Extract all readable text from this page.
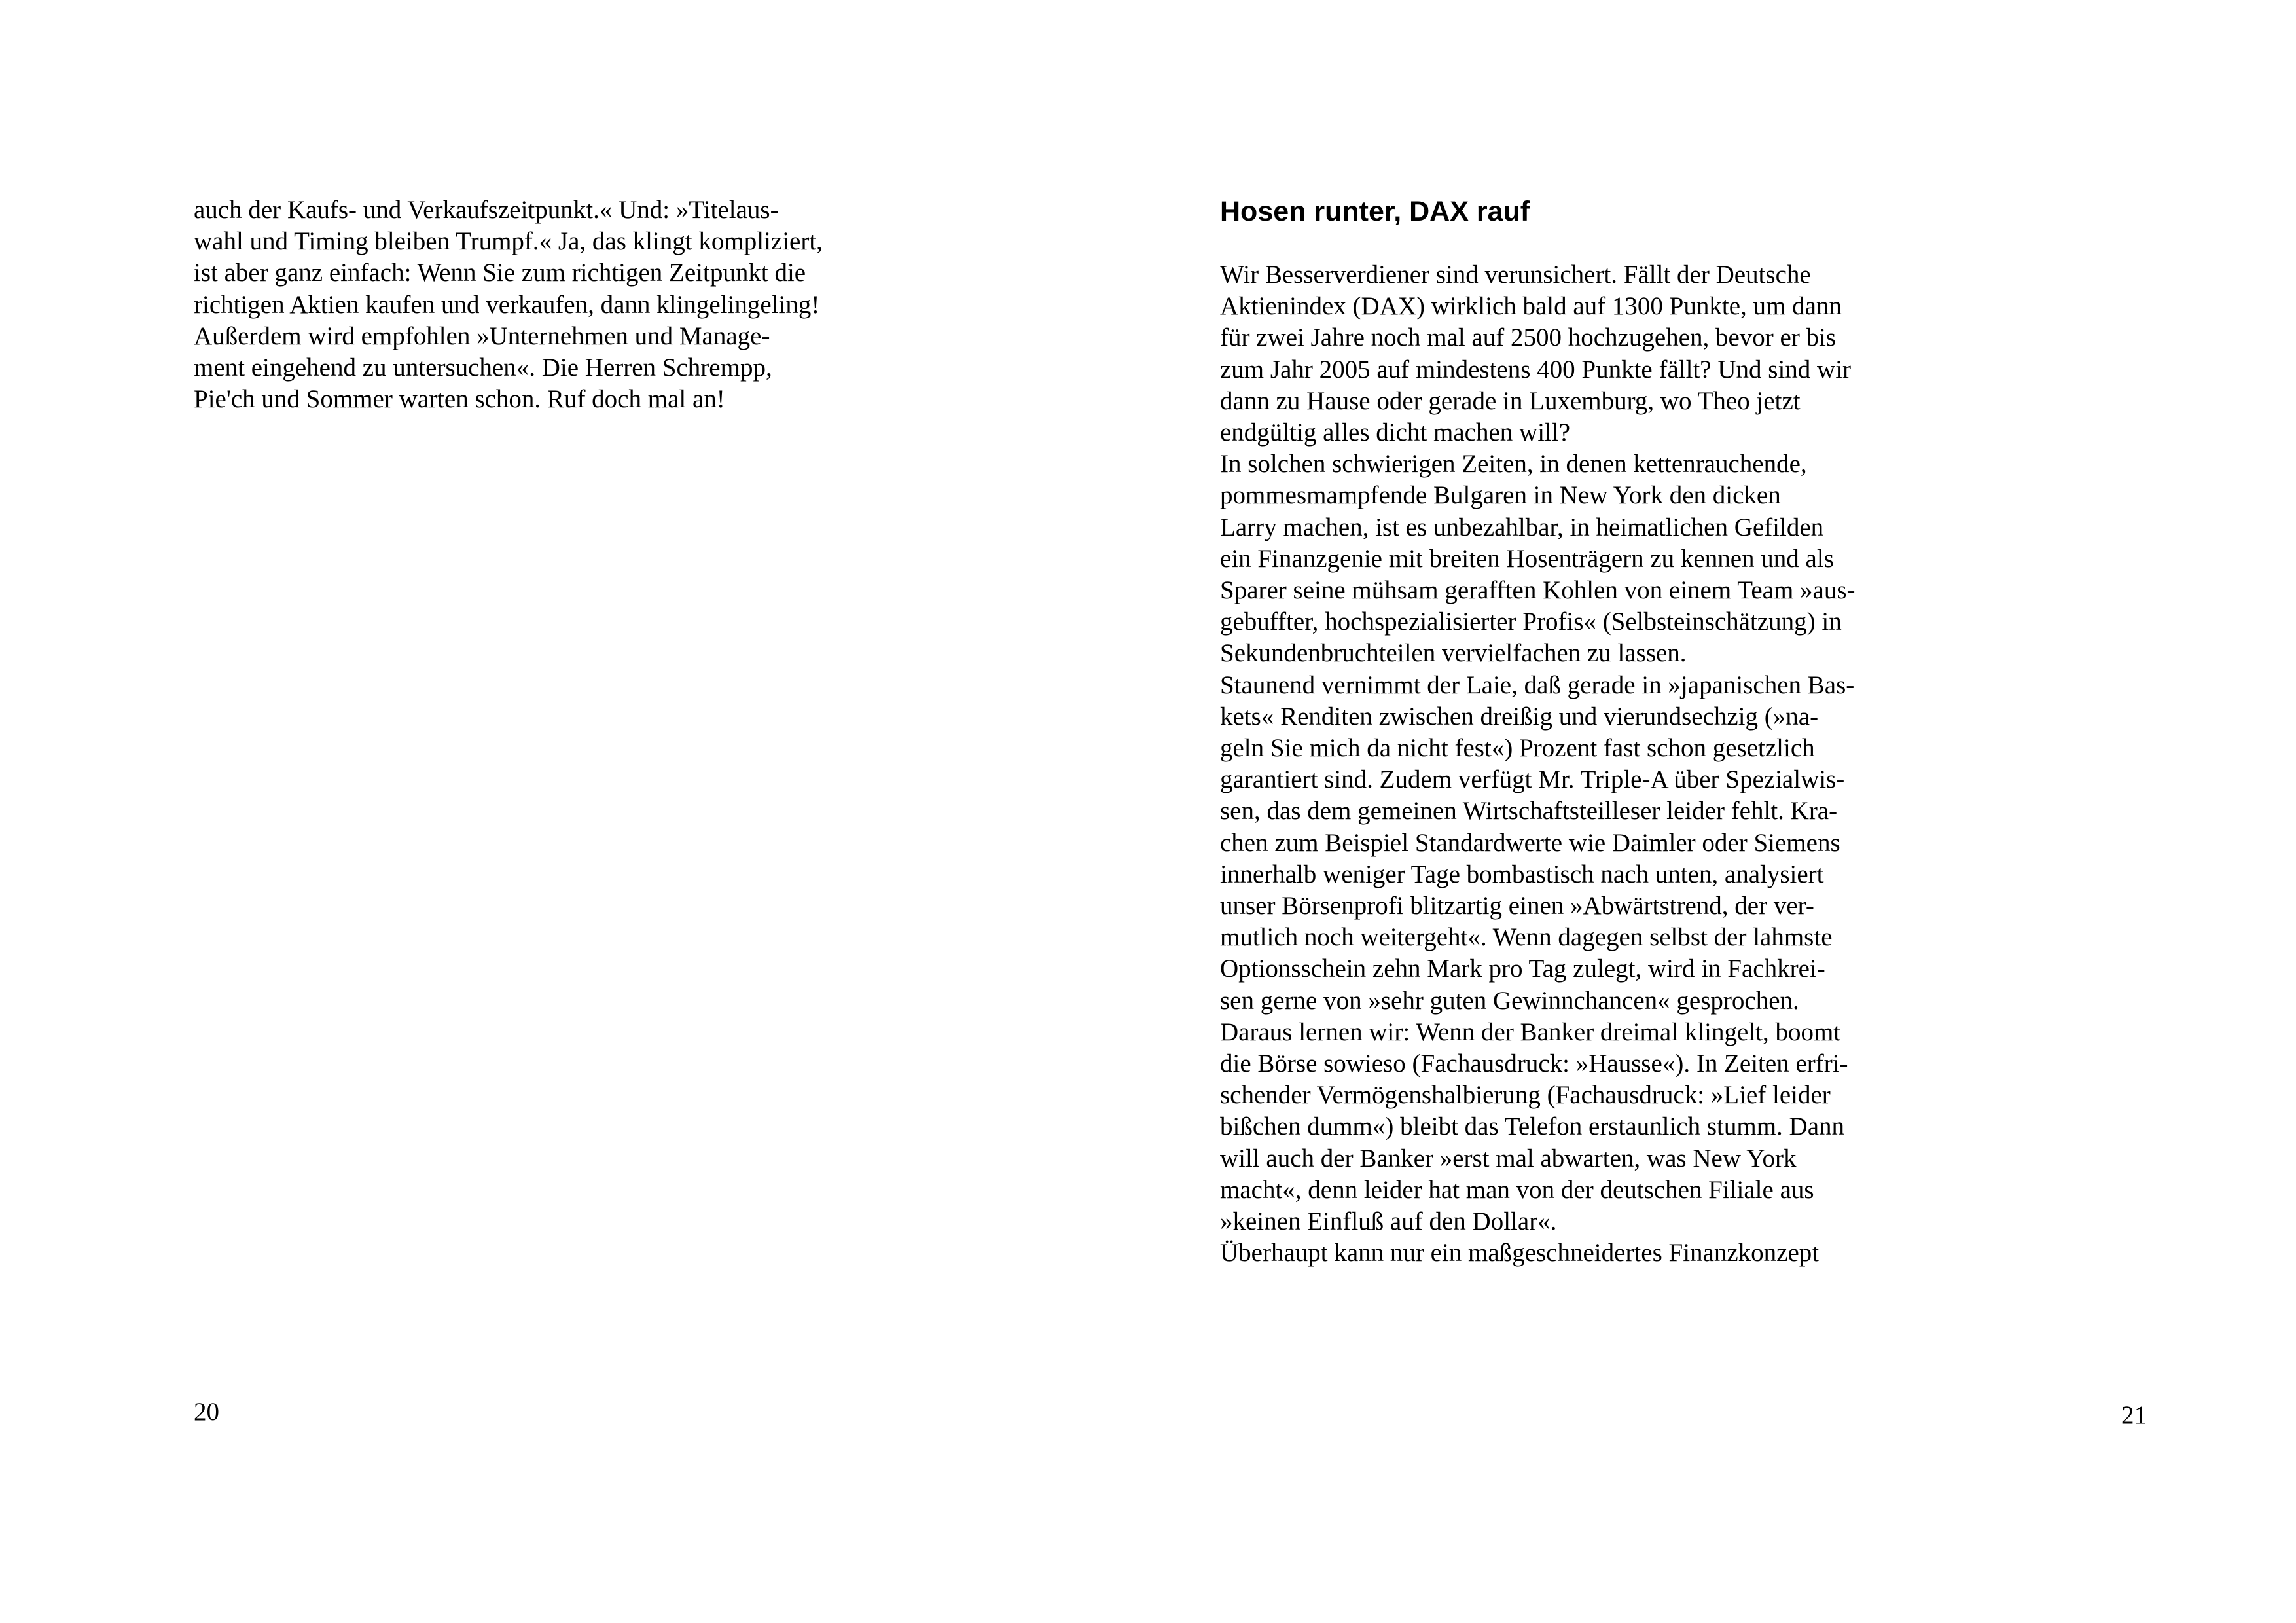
auch der Kaufs- und Verkaufszeitpunkt.« Und: »Titelaus-
wahl und Timing bleiben Trumpf.« Ja, das klingt kompliziert,
ist aber ganz einfach: Wenn Sie zum richtigen Zeitpunkt die
richtigen Aktien kaufen und verkaufen, dann klingelingeling!
Außerdem wird empfohlen »Unternehmen und Manage-
ment eingehend zu untersuchen«. Die Herren Schrempp,
Pie'ch und Sommer warten schon. Ruf doch mal an!
20
Hosen runter, DAX rauf
Wir Besserverdiener sind verunsichert. Fällt der Deutsche
Aktienindex (DAX) wirklich bald auf 1300 Punkte, um dann
für zwei Jahre noch mal auf 2500 hochzugehen, bevor er bis
zum Jahr 2005 auf mindestens 400 Punkte fällt? Und sind wir
dann zu Hause oder gerade in Luxemburg, wo Theo jetzt
endgültig alles dicht machen will?
In solchen schwierigen Zeiten, in denen kettenrauchende,
pommesmampfende Bulgaren in New York den dicken
Larry machen, ist es unbezahlbar, in heimatlichen Gefilden
ein Finanzgenie mit breiten Hosenträgern zu kennen und als
Sparer seine mühsam gerafften Kohlen von einem Team »aus-
gebuffter, hochspezialisierter Profis« (Selbsteinschätzung) in
Sekundenbruchteilen vervielfachen zu lassen.
Staunend vernimmt der Laie, daß gerade in »japanischen Bas-
kets« Renditen zwischen dreißig und vierundsechzig (»na-
geln Sie mich da nicht fest«) Prozent fast schon gesetzlich
garantiert sind. Zudem verfügt Mr. Triple-A über Spezialwis-
sen, das dem gemeinen Wirtschaftsteilleser leider fehlt. Kra-
chen zum Beispiel Standardwerte wie Daimler oder Siemens
innerhalb weniger Tage bombastisch nach unten, analysiert
unser Börsenprofi blitzartig einen »Abwärtstrend, der ver-
mutlich noch weitergeht«. Wenn dagegen selbst der lahmste
Optionsschein zehn Mark pro Tag zulegt, wird in Fachkrei-
sen gerne von »sehr guten Gewinnchancen« gesprochen.
Daraus lernen wir: Wenn der Banker dreimal klingelt, boomt
die Börse sowieso (Fachausdruck: »Hausse«). In Zeiten erfri-
schender Vermögenshalbierung (Fachausdruck: »Lief leider
bißchen dumm«) bleibt das Telefon erstaunlich stumm. Dann
will auch der Banker »erst mal abwarten, was New York
macht«, denn leider hat man von der deutschen Filiale aus
»keinen Einfluß auf den Dollar«.
Überhaupt kann nur ein maßgeschneidertes Finanzkonzept
21
